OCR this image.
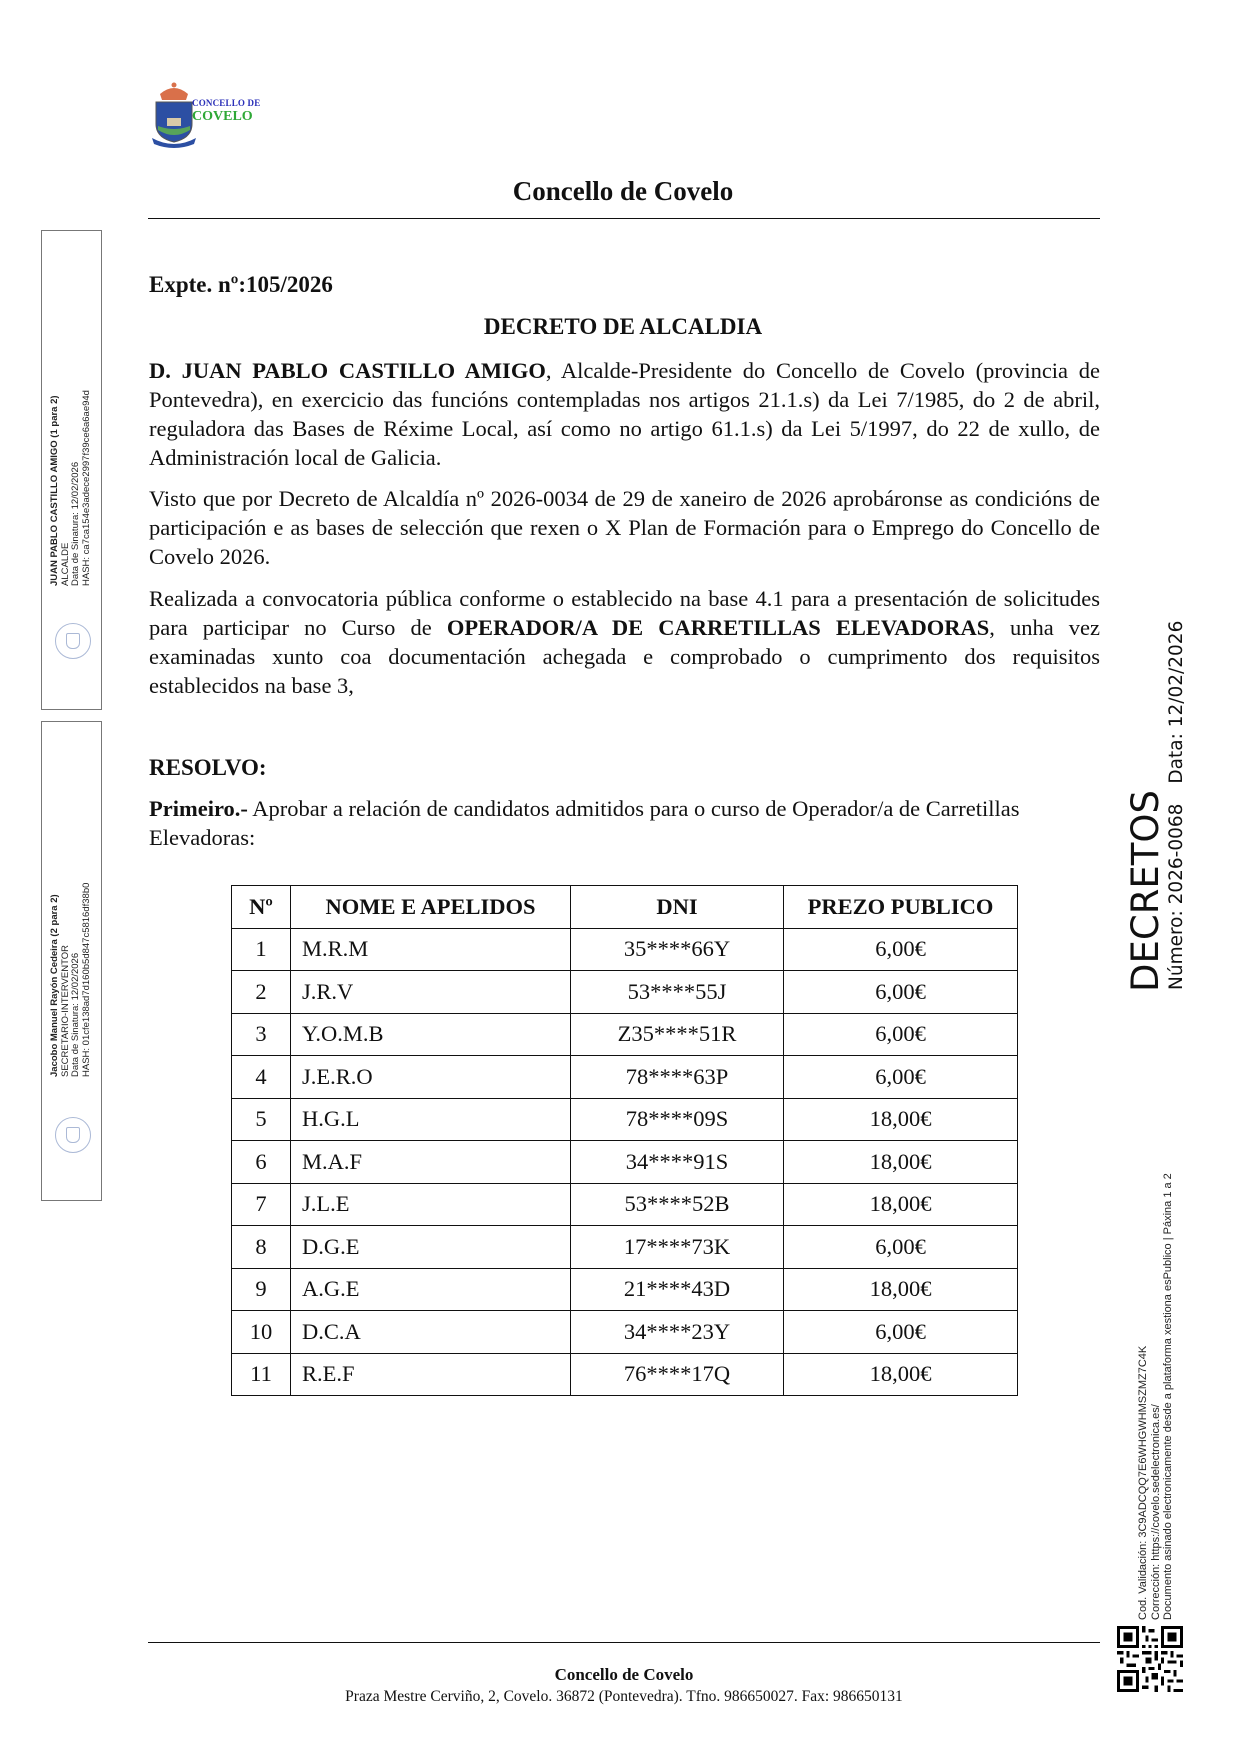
CONCELLO DE
COVELO
Concello de Covelo
Expte. nº:105/2026
DECRETO DE ALCALDIA
D. JUAN PABLO CASTILLO AMIGO, Alcalde-Presidente do Concello de Covelo (provincia de Pontevedra), en exercicio das funcións contempladas nos artigos 21.1.s) da Lei 7/1985, do 2 de abril, reguladora das Bases de Réxime Local, así como no artigo 61.1.s) da Lei 5/1997, do 22 de xullo, de Administración local de Galicia.
Visto que por Decreto de Alcaldía nº 2026-0034 de 29 de xaneiro de 2026 aprobáronse as condicións de participación e as bases de selección que rexen o X Plan de Formación para o Emprego do Concello de Covelo 2026.
Realizada a convocatoria pública conforme o establecido na base 4.1 para a presentación de solicitudes para participar no Curso de OPERADOR/A DE CARRETILLAS ELEVADORAS, unha vez examinadas xunto coa documentación achegada e comprobado o cumprimento dos requisitos establecidos na base 3,
RESOLVO:
Primeiro.- Aprobar a relación de candidatos admitidos para o curso de Operador/a de Carretillas Elevadoras:
Nº	NOME E APELIDOS	DNI	PREZO PUBLICO
1	M.R.M	35****66Y	6,00€
2	J.R.V	53****55J	6,00€
3	Y.O.M.B	Z35****51R	6,00€
4	J.E.R.O	78****63P	6,00€
5	H.G.L	78****09S	18,00€
6	M.A.F	34****91S	18,00€
7	J.L.E	53****52B	18,00€
8	D.G.E	17****73K	6,00€
9	A.G.E	21****43D	18,00€
10	D.C.A	34****23Y	6,00€
11	R.E.F	76****17Q	18,00€
Concello de Covelo
Praza Mestre Cerviño, 2, Covelo. 36872 (Pontevedra). Tfno. 986650027. Fax: 986650131
JUAN PABLO CASTILLO AMIGO (1 para 2) ALCALDE Data de Sinatura: 12/02/2026 HASH: ca7ca154e3adece2997f39ce6a6ae94d
Jacobo Manuel Rayón Cedeira (2 para 2) SECRETARIO-INTERVENTOR Data de Sinatura: 12/02/2026 HASH: 01cfe138ad7d160b5d847c5816df38b0	DECRETOS Número: 2026-0068Data: 12/02/2026
Cod. Validación: 3C9ADCQQ7E6WHGWHMSZMZ7C4K Corrección: https://covelo.sedelectronica.es/ Documento asinado electronicamente desde a plataforma xestiona esPublico | Páxina 1 a 2
